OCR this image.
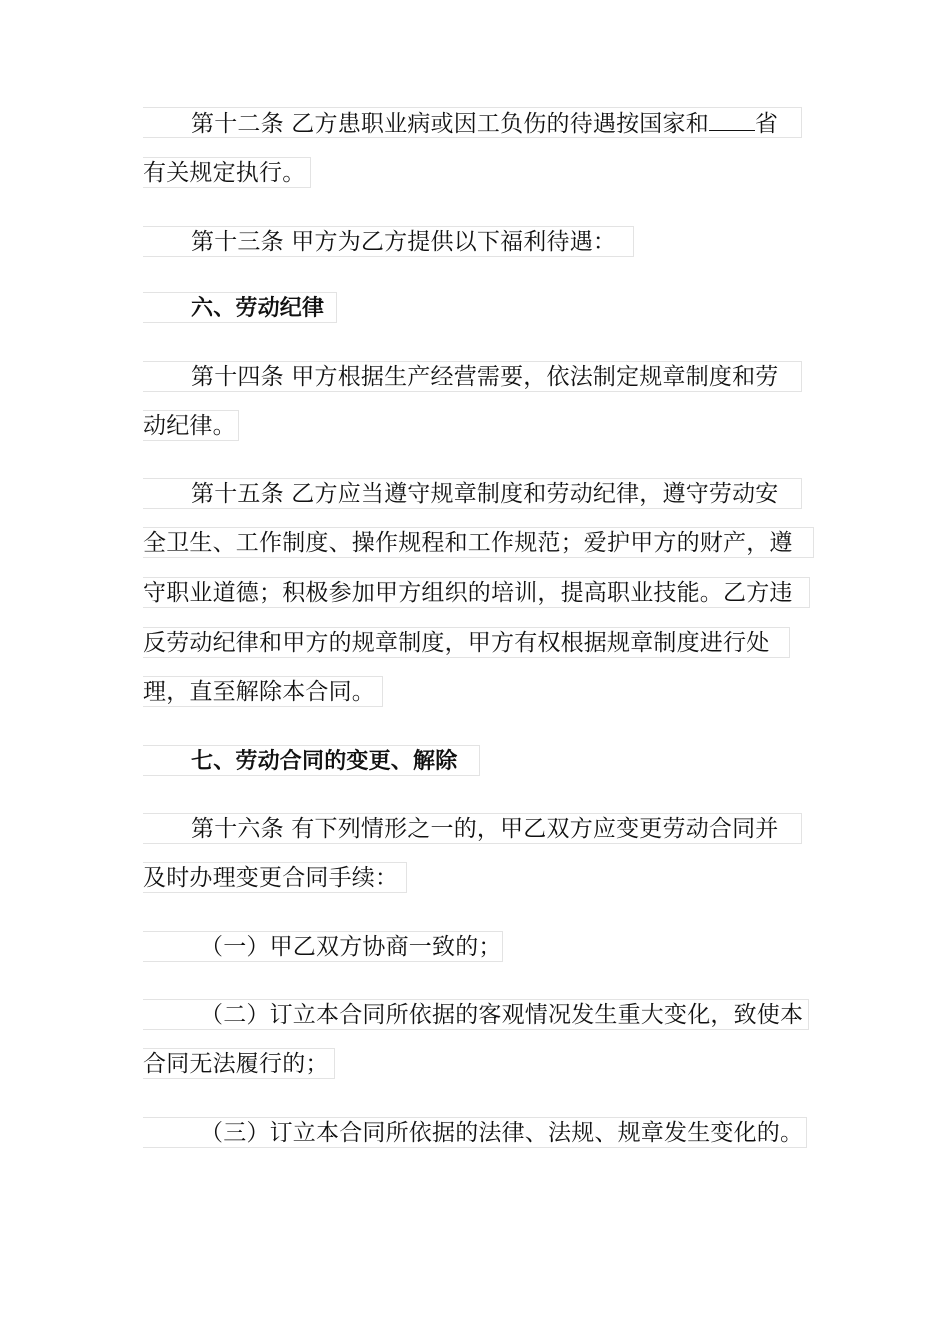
第十二条 乙方患职业病或因工负伤的待遇按国家和 省
有关规定执行。
第十三条 甲方为乙方提供以下福利待遇：
六、劳动纪律
第十四条 甲方根据生产经营需要，依法制定规章制度和劳
动纪律。
第十五条 乙方应当遵守规章制度和劳动纪律，遵守劳动安
全卫生、工作制度、操作规程和工作规范；爱护甲方的财产，遵
守职业道德；积极参加甲方组织的培训，提高职业技能。乙方违
反劳动纪律和甲方的规章制度，甲方有权根据规章制度进行处
理，直至解除本合同。
七、劳动合同的变更、解除
第十六条 有下列情形之一的，甲乙双方应变更劳动合同并
及时办理变更合同手续：
（一）甲乙双方协商一致的；
（二）订立本合同所依据的客观情况发生重大变化，致使本
合同无法履行的；
（三）订立本合同所依据的法律、法规、规章发生变化的。
